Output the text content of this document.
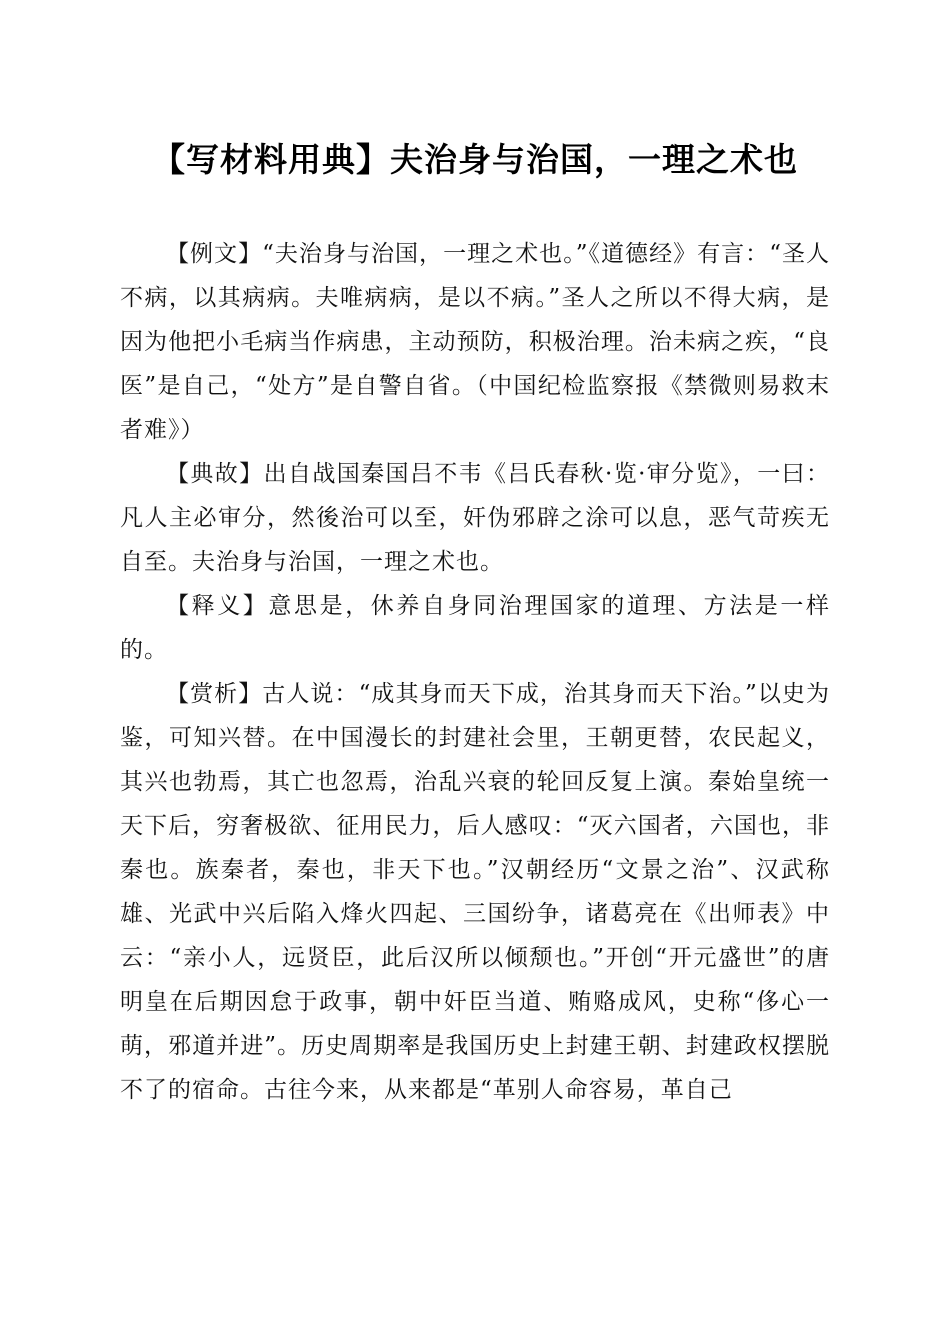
【写材料用典】夫治身与治国，一理之术也

【例文】“夫治身与治国，一理之术也。”《道德经》有言：“圣人不病，以其病病。夫唯病病，是以不病。”圣人之所以不得大病，是因为他把小毛病当作病患，主动预防，积极治理。治未病之疾，“良医”是自己，“处方”是自警自省。（中国纪检监察报《禁微则易救末者难》）

【典故】出自战国秦国吕不韦《吕氏春秋·览·审分览》，一曰：凡人主必审分，然後治可以至，奸伪邪辟之涂可以息，恶气苛疾无自至。夫治身与治国，一理之术也。

【释义】意思是，休养自身同治理国家的道理、方法是一样的。

【赏析】古人说：“成其身而天下成，治其身而天下治。”以史为鉴，可知兴替。在中国漫长的封建社会里，王朝更替，农民起义，其兴也勃焉，其亡也忽焉，治乱兴衰的轮回反复上演。秦始皇统一天下后，穷奢极欲、征用民力，后人感叹：“灭六国者，六国也，非秦也。族秦者，秦也，非天下也。”汉朝经历“文景之治”、汉武称雄、光武中兴后陷入烽火四起、三国纷争，诸葛亮在《出师表》中云：“亲小人，远贤臣，此后汉所以倾颓也。”开创“开元盛世”的唐明皇在后期因怠于政事，朝中奸臣当道、贿赂成风，史称“侈心一萌，邪道并进”。历史周期率是我国历史上封建王朝、封建政权摆脱不了的宿命。古往今来，从来都是“革别人命容易，革自己
